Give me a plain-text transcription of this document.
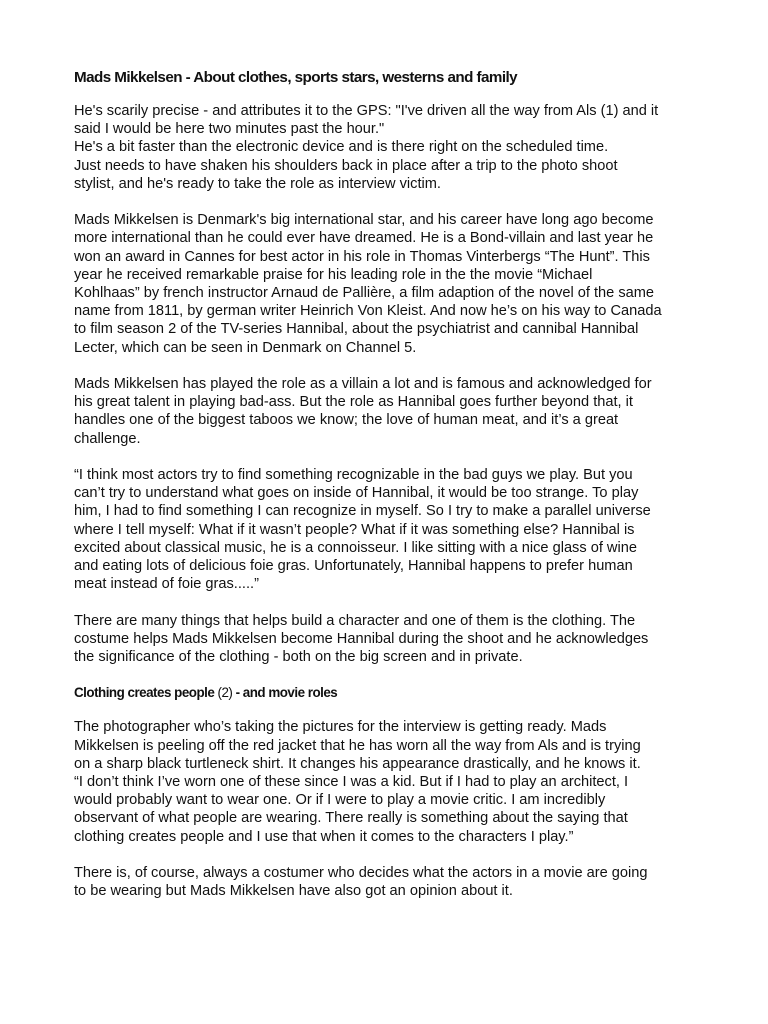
Mads Mikkelsen - About clothes, sports stars, westerns and family
He's scarily precise - and attributes it to the GPS: "I've driven all the way from Als (1) and it
said I would be here two minutes past the hour."
He's a bit faster than the electronic device and is there right on the scheduled time.
Just needs to have shaken his shoulders back in place after a trip to the photo shoot
stylist, and he's ready to take the role as interview victim.
Mads Mikkelsen is Denmark's big international star, and his career have long ago become
more international than he could ever have dreamed. He is a Bond-villain and last year he
won an award in Cannes for best actor in his role in Thomas Vinterbergs “The Hunt”. This
year he received remarkable praise for his leading role in the the movie “Michael
Kohlhaas” by french instructor Arnaud de Pallière, a film adaption of the novel of the same
name from 1811, by german writer Heinrich Von Kleist. And now he’s on his way to Canada
to film season 2 of the TV-series Hannibal, about the psychiatrist and cannibal Hannibal
Lecter, which can be seen in Denmark on Channel 5.
Mads Mikkelsen has played the role as a villain a lot and is famous and acknowledged for
his great talent in playing bad-ass. But the role as Hannibal goes further beyond that, it
handles one of the biggest taboos we know; the love of human meat, and it’s a great
challenge.
“I think most actors try to find something recognizable in the bad guys we play. But you
can’t try to understand what goes on inside of Hannibal, it would be too strange. To play
him, I had to find something I can recognize in myself. So I try to make a parallel universe
where I tell myself: What if it wasn’t people? What if it was something else? Hannibal is
excited about classical music, he is a connoisseur. I like sitting with a nice glass of wine
and eating lots of delicious foie gras. Unfortunately, Hannibal happens to prefer human
meat instead of foie gras.....”
There are many things that helps build a character and one of them is the clothing. The
costume helps Mads Mikkelsen become Hannibal during the shoot and he acknowledges
the significance of the clothing - both on the big screen and in private.
Clothing creates people (2) - and movie roles
The photographer who’s taking the pictures for the interview is getting ready. Mads
Mikkelsen is peeling off the red jacket that he has worn all the way from Als and is trying
on a sharp black turtleneck shirt. It changes his appearance drastically, and he knows it.
“I don’t think I’ve worn one of these since I was a kid. But if I had to play an architect, I
would probably want to wear one. Or if I were to play a movie critic. I am incredibly
observant of what people are wearing. There really is something about the saying that
clothing creates people and I use that when it comes to the characters I play.”
There is, of course, always a costumer who decides what the actors in a movie are going
to be wearing but Mads Mikkelsen have also got an opinion about it.
